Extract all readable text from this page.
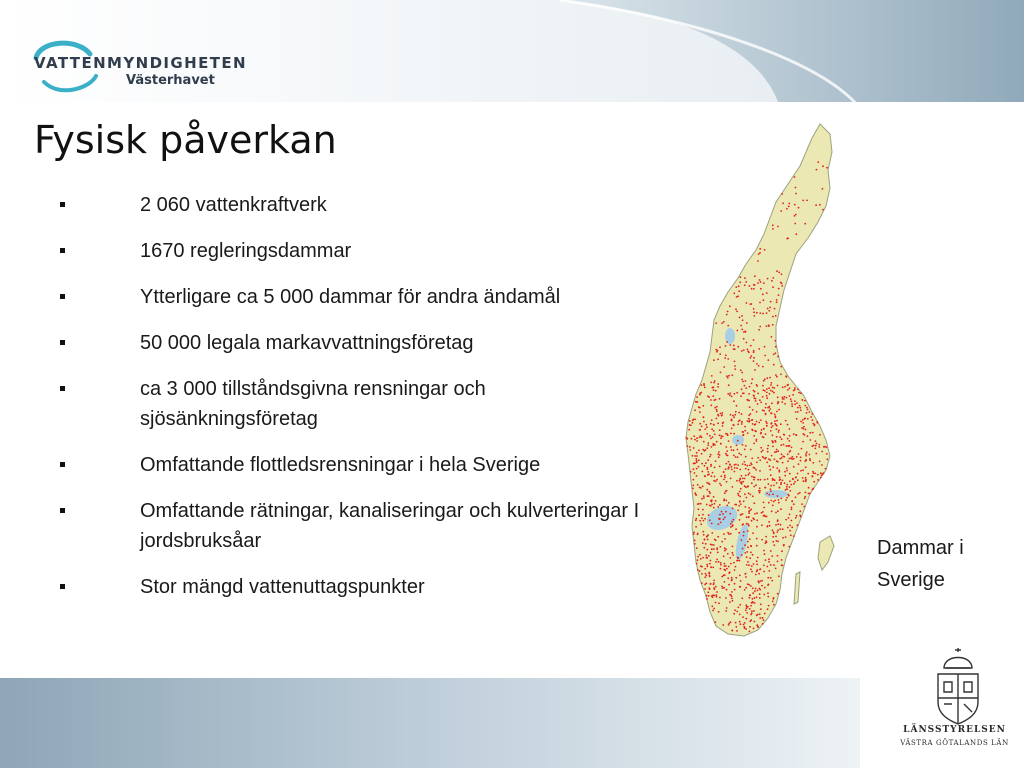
VATTENMYNDIGHETEN
Västerhavet
Fysisk påverkan
2 060 vattenkraftverk
1670 regleringsdammar
Ytterligare ca 5 000 dammar för andra ändamål
50 000 legala markavvattningsföretag
ca 3 000 tillståndsgivna rensningar och sjösänkningsföretag
Omfattande flottledsrensningar i hela Sverige
Omfattande rätningar, kanaliseringar och kulverteringar I jordsbruksåar
Stor mängd vattenuttagspunkter
Dammar i Sverige
LÄNSSTYRELSEN
VÄSTRA GÖTALANDS LÄN
